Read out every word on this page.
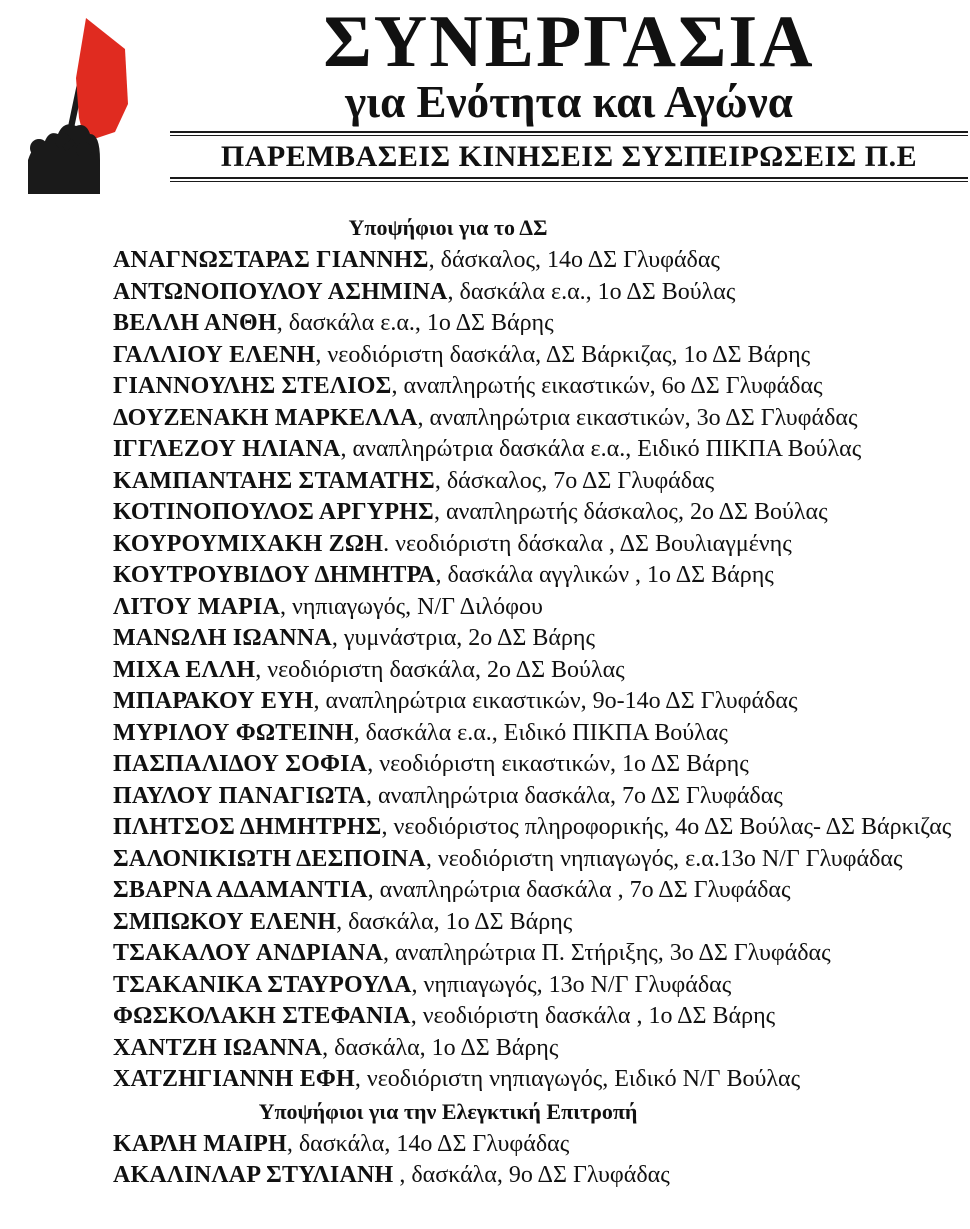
ΣΥΝΕΡΓΑΣΙΑ
για Ενότητα και Αγώνα
ΠΑΡΕΜΒΑΣΕΙΣ ΚΙΝΗΣΕΙΣ ΣΥΣΠΕΙΡΩΣΕΙΣ Π.Ε
Υποψήφιοι για το ΔΣ
ΑΝΑΓΝΩΣΤΑΡΑΣ ΓΙΑΝΝΗΣ, δάσκαλος, 14ο ΔΣ Γλυφάδας
ΑΝΤΩΝΟΠΟΥΛΟΥ ΑΣΗΜΙΝΑ, δασκάλα ε.α., 1ο ΔΣ Βούλας
ΒΕΛΛΗ ΑΝΘΗ, δασκάλα ε.α., 1ο ΔΣ Βάρης
ΓΑΛΛΙΟΥ ΕΛΕΝΗ, νεοδιόριστη δασκάλα, ΔΣ Βάρκιζας, 1ο ΔΣ Βάρης
ΓΙΑΝΝΟΥΛΗΣ ΣΤΕΛΙΟΣ, αναπληρωτής εικαστικών, 6ο ΔΣ Γλυφάδας
ΔΟΥΖΕΝΑΚΗ ΜΑΡΚΕΛΛΑ, αναπληρώτρια εικαστικών, 3ο ΔΣ Γλυφάδας
ΙΓΓΛΕΖΟΥ ΗΛΙΑΝΑ, αναπληρώτρια δασκάλα ε.α., Ειδικό ΠΙΚΠΑ Βούλας
ΚΑΜΠΑΝΤΑΗΣ ΣΤΑΜΑΤΗΣ, δάσκαλος, 7ο ΔΣ Γλυφάδας
ΚΟΤΙΝΟΠΟΥΛΟΣ ΑΡΓΥΡΗΣ, αναπληρωτής δάσκαλος, 2ο ΔΣ Βούλας
ΚΟΥΡΟΥΜΙΧΑΚΗ ΖΩΗ. νεοδιόριστη δάσκαλα , ΔΣ Βουλιαγμένης
ΚΟΥΤΡΟΥΒΙΔΟΥ ΔΗΜΗΤΡΑ, δασκάλα αγγλικών , 1ο ΔΣ Βάρης
ΛΙΤΟΥ ΜΑΡΙΑ, νηπιαγωγός, Ν/Γ Διλόφου
ΜΑΝΩΛΗ ΙΩΑΝΝΑ, γυμνάστρια, 2ο ΔΣ Βάρης
ΜΙΧΑ ΕΛΛΗ, νεοδιόριστη δασκάλα, 2ο ΔΣ Βούλας
ΜΠΑΡΑΚΟΥ ΕΥΗ, αναπληρώτρια εικαστικών, 9ο-14ο ΔΣ Γλυφάδας
ΜΥΡΙΛΟΥ ΦΩΤΕΙΝΗ, δασκάλα ε.α., Ειδικό ΠΙΚΠΑ Βούλας
ΠΑΣΠΑΛΙΔΟΥ ΣΟΦΙΑ, νεοδιόριστη εικαστικών, 1ο ΔΣ Βάρης
ΠΑΥΛΟΥ ΠΑΝΑΓΙΩΤΑ, αναπληρώτρια δασκάλα, 7ο ΔΣ Γλυφάδας
ΠΛΗΤΣΟΣ ΔΗΜΗΤΡΗΣ, νεοδιόριστος πληροφορικής, 4ο ΔΣ Βούλας- ΔΣ Βάρκιζας
ΣΑΛΟΝΙΚΙΩΤΗ ΔΕΣΠΟΙΝΑ, νεοδιόριστη νηπιαγωγός, ε.α.13ο Ν/Γ Γλυφάδας
ΣΒΑΡΝΑ ΑΔΑΜΑΝΤΙΑ, αναπληρώτρια δασκάλα , 7ο ΔΣ Γλυφάδας
ΣΜΠΩΚΟΥ ΕΛΕΝΗ, δασκάλα, 1ο ΔΣ Βάρης
ΤΣΑΚΑΛΟΥ ΑΝΔΡΙΑΝΑ, αναπληρώτρια Π. Στήριξης, 3ο ΔΣ Γλυφάδας
ΤΣΑΚΑΝΙΚΑ ΣΤΑΥΡΟΥΛΑ, νηπιαγωγός, 13ο Ν/Γ Γλυφάδας
ΦΩΣΚΟΛΑΚΗ ΣΤΕΦΑΝΙΑ, νεοδιόριστη δασκάλα , 1ο ΔΣ Βάρης
ΧΑΝΤΖΗ ΙΩΑΝΝΑ, δασκάλα, 1ο ΔΣ Βάρης
ΧΑΤΖΗΓΙΑΝΝΗ ΕΦΗ, νεοδιόριστη νηπιαγωγός, Ειδικό Ν/Γ Βούλας
Υποψήφιοι για την Ελεγκτική Επιτροπή
ΚΑΡΛΗ ΜΑΙΡΗ, δασκάλα, 14ο ΔΣ Γλυφάδας
ΑΚΑΛΙΝΛΑΡ ΣΤΥΛΙΑΝΗ , δασκάλα, 9ο ΔΣ Γλυφάδας
